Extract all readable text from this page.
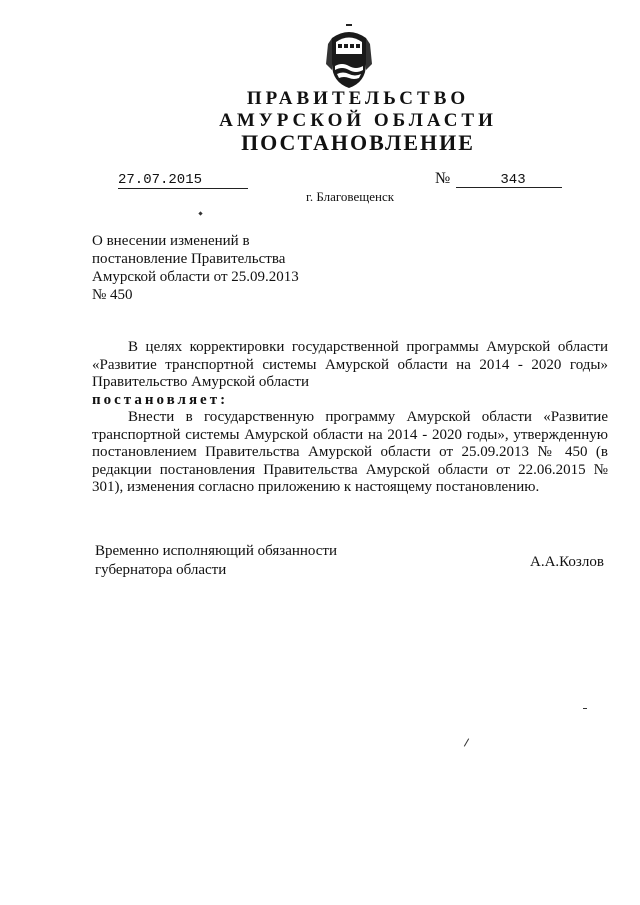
ПРАВИТЕЛЬСТВО
АМУРСКОЙ ОБЛАСТИ
ПОСТАНОВЛЕНИЕ
27.07.2015	№	343
г. Благовещенск
О внесении изменений в
постановление Правительства
Амурской области от 25.09.2013
№ 450

В целях корректировки государственной программы Амурской области «Развитие транспортной системы Амурской области на 2014 - 2020 годы» Правительство Амурской области

постановляет:

Внести в государственную программу Амурской области «Развитие транспортной системы Амурской области на 2014 - 2020 годы», утвержденную постановлением Правительства Амурской области от 25.09.2013 № 450 (в редакции постановления Правительства Амурской области от 22.06.2015 № 301), изменения согласно приложению к настоящему постановлению.

Временно исполняющий обязанности
губернатора области	А.А.Козлов
